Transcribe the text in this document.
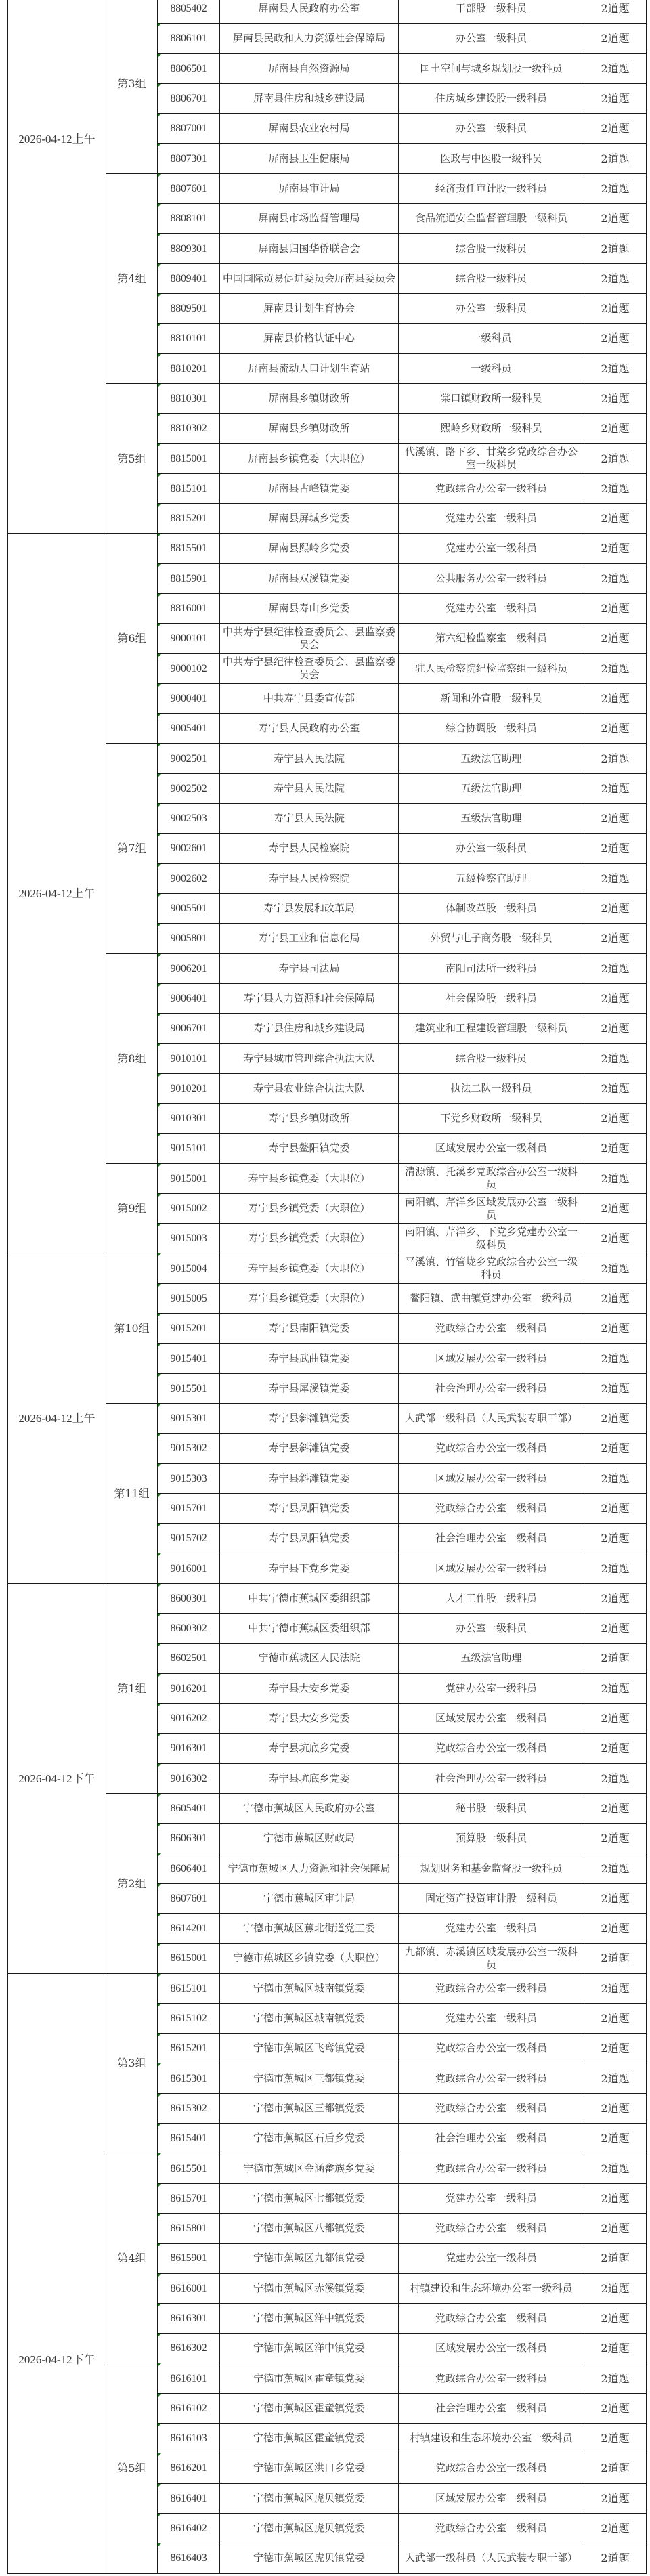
2026-04-12上午	第3组	8805402	屏南县人民政府办公室	干部股一级科员	2道题
		8806101	屏南县民政和人力资源社会保障局	办公室一级科员	2道题
		8806501	屏南县自然资源局	国土空间与城乡规划股一级科员	2道题
		8806701	屏南县住房和城乡建设局	住房城乡建设股一级科员	2道题
		8807001	屏南县农业农村局	办公室一级科员	2道题
		8807301	屏南县卫生健康局	医政与中医股一级科员	2道题
	第4组	8807601	屏南县审计局	经济责任审计股一级科员	2道题
		8808101	屏南县市场监督管理局	食品流通安全监督管理股一级科员	2道题
		8809301	屏南县归国华侨联合会	综合股一级科员	2道题
		8809401	中国国际贸易促进委员会屏南县委员会	综合股一级科员	2道题
		8809501	屏南县计划生育协会	办公室一级科员	2道题
		8810101	屏南县价格认证中心	一级科员	2道题
		8810201	屏南县流动人口计划生育站	一级科员	2道题
	第5组	8810301	屏南县乡镇财政所	棠口镇财政所一级科员	2道题
		8810302	屏南县乡镇财政所	熙岭乡财政所一级科员	2道题
		8815001	屏南县乡镇党委（大职位）	代溪镇、路下乡、甘棠乡党政综合办公室一级科员	2道题
		8815101	屏南县古峰镇党委	党政综合办公室一级科员	2道题
		8815201	屏南县屏城乡党委	党建办公室一级科员	2道题
2026-04-12上午	第6组	8815501	屏南县熙岭乡党委	党建办公室一级科员	2道题
		8815901	屏南县双溪镇党委	公共服务办公室一级科员	2道题
		8816001	屏南县寿山乡党委	党建办公室一级科员	2道题
		9000101	中共寿宁县纪律检查委员会、县监察委员会	第六纪检监察室一级科员	2道题
		9000102	中共寿宁县纪律检查委员会、县监察委员会	驻人民检察院纪检监察组一级科员	2道题
		9000401	中共寿宁县委宣传部	新闻和外宣股一级科员	2道题
		9005401	寿宁县人民政府办公室	综合协调股一级科员	2道题
	第7组	9002501	寿宁县人民法院	五级法官助理	2道题
		9002502	寿宁县人民法院	五级法官助理	2道题
		9002503	寿宁县人民法院	五级法官助理	2道题
		9002601	寿宁县人民检察院	办公室一级科员	2道题
		9002602	寿宁县人民检察院	五级检察官助理	2道题
		9005501	寿宁县发展和改革局	体制改革股一级科员	2道题
		9005801	寿宁县工业和信息化局	外贸与电子商务股一级科员	2道题
	第8组	9006201	寿宁县司法局	南阳司法所一级科员	2道题
		9006401	寿宁县人力资源和社会保障局	社会保险股一级科员	2道题
		9006701	寿宁县住房和城乡建设局	建筑业和工程建设管理股一级科员	2道题
		9010101	寿宁县城市管理综合执法大队	综合股一级科员	2道题
		9010201	寿宁县农业综合执法大队	执法二队一级科员	2道题
		9010301	寿宁县乡镇财政所	下党乡财政所一级科员	2道题
		9015101	寿宁县鳌阳镇党委	区域发展办公室一级科员	2道题
	第9组	9015001	寿宁县乡镇党委（大职位）	清源镇、托溪乡党政综合办公室一级科员	2道题
		9015002	寿宁县乡镇党委（大职位）	南阳镇、芹洋乡区域发展办公室一级科员	2道题
		9015003	寿宁县乡镇党委（大职位）	南阳镇、芹洋乡、下党乡党建办公室一级科员	2道题
2026-04-12上午	第10组	9015004	寿宁县乡镇党委（大职位）	平溪镇、竹管垅乡党政综合办公室一级科员	2道题
		9015005	寿宁县乡镇党委（大职位）	鳌阳镇、武曲镇党建办公室一级科员	2道题
		9015201	寿宁县南阳镇党委	党政综合办公室一级科员	2道题
		9015401	寿宁县武曲镇党委	区域发展办公室一级科员	2道题
		9015501	寿宁县犀溪镇党委	社会治理办公室一级科员	2道题
	第11组	9015301	寿宁县斜滩镇党委	人武部一级科员（人民武装专职干部）	2道题
		9015302	寿宁县斜滩镇党委	党政综合办公室一级科员	2道题
		9015303	寿宁县斜滩镇党委	区域发展办公室一级科员	2道题
		9015701	寿宁县凤阳镇党委	党政综合办公室一级科员	2道题
		9015702	寿宁县凤阳镇党委	社会治理办公室一级科员	2道题
		9016001	寿宁县下党乡党委	区域发展办公室一级科员	2道题
2026-04-12下午	第1组	8600301	中共宁德市蕉城区委组织部	人才工作股一级科员	2道题
		8600302	中共宁德市蕉城区委组织部	办公室一级科员	2道题
		8602501	宁德市蕉城区人民法院	五级法官助理	2道题
		9016201	寿宁县大安乡党委	党建办公室一级科员	2道题
		9016202	寿宁县大安乡党委	区域发展办公室一级科员	2道题
		9016301	寿宁县坑底乡党委	党政综合办公室一级科员	2道题
		9016302	寿宁县坑底乡党委	社会治理办公室一级科员	2道题
	第2组	8605401	宁德市蕉城区人民政府办公室	秘书股一级科员	2道题
		8606301	宁德市蕉城区财政局	预算股一级科员	2道题
		8606401	宁德市蕉城区人力资源和社会保障局	规划财务和基金监督股一级科员	2道题
		8607601	宁德市蕉城区审计局	固定资产投资审计股一级科员	2道题
		8614201	宁德市蕉城区蕉北街道党工委	党建办公室一级科员	2道题
		8615001	宁德市蕉城区乡镇党委（大职位）	九都镇、赤溪镇区域发展办公室一级科员	2道题
2026-04-12下午	第3组	8615101	宁德市蕉城区城南镇党委	党政综合办公室一级科员	2道题
		8615102	宁德市蕉城区城南镇党委	党建办公室一级科员	2道题
		8615201	宁德市蕉城区飞鸾镇党委	党政综合办公室一级科员	2道题
		8615301	宁德市蕉城区三都镇党委	党政综合办公室一级科员	2道题
		8615302	宁德市蕉城区三都镇党委	党政综合办公室一级科员	2道题
		8615401	宁德市蕉城区石后乡党委	社会治理办公室一级科员	2道题
	第4组	8615501	宁德市蕉城区金涵畲族乡党委	党政综合办公室一级科员	2道题
		8615701	宁德市蕉城区七都镇党委	党建办公室一级科员	2道题
		8615801	宁德市蕉城区八都镇党委	党政综合办公室一级科员	2道题
		8615901	宁德市蕉城区九都镇党委	党建办公室一级科员	2道题
		8616001	宁德市蕉城区赤溪镇党委	村镇建设和生态环境办公室一级科员	2道题
		8616301	宁德市蕉城区洋中镇党委	党政综合办公室一级科员	2道题
		8616302	宁德市蕉城区洋中镇党委	区域发展办公室一级科员	2道题
	第5组	8616101	宁德市蕉城区霍童镇党委	党政综合办公室一级科员	2道题
		8616102	宁德市蕉城区霍童镇党委	社会治理办公室一级科员	2道题
		8616103	宁德市蕉城区霍童镇党委	村镇建设和生态环境办公室一级科员	2道题
		8616201	宁德市蕉城区洪口乡党委	党政综合办公室一级科员	2道题
		8616401	宁德市蕉城区虎贝镇党委	区域发展办公室一级科员	2道题
		8616402	宁德市蕉城区虎贝镇党委	党政综合办公室一级科员	2道题
		8616403	宁德市蕉城区虎贝镇党委	人武部一级科员（人民武装专职干部）	2道题
